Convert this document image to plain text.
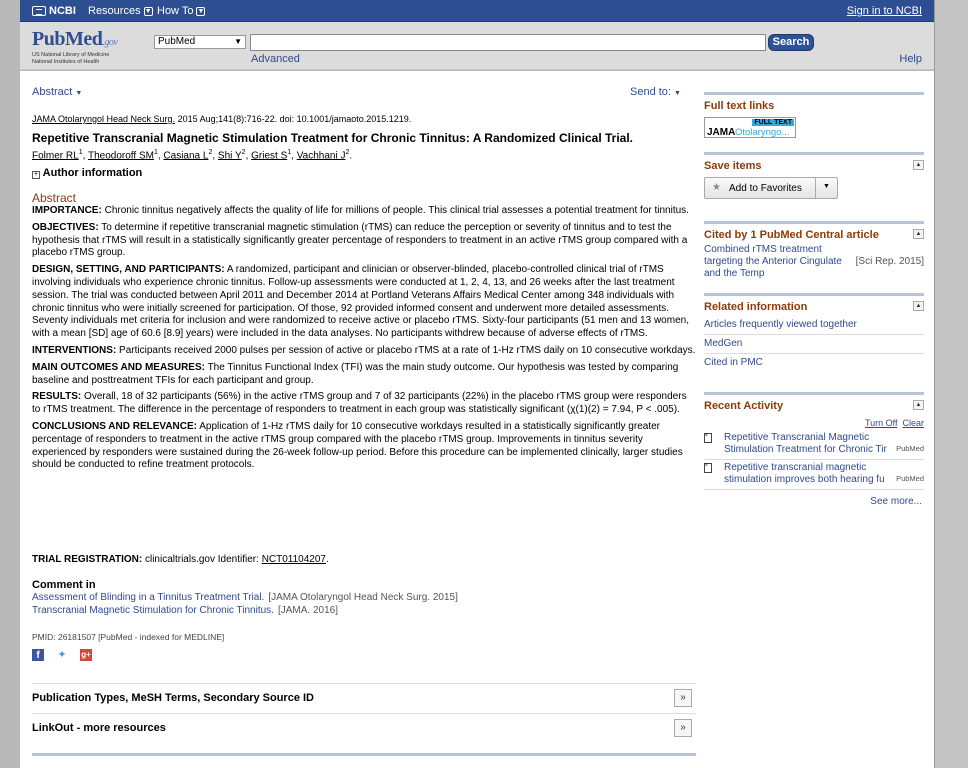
NCBI Resources ▼ How To ▼	Sign in to NCBI
PubMed.gov
US National Library of Medicine
National Institutes of Health
PubMed	▼	Search
Advanced	Help
Abstract ▼	Send to: ▼
JAMA Otolaryngol Head Neck Surg. 2015 Aug;141(8):716-22. doi: 10.1001/jamaoto.2015.1219.
Repetitive Transcranial Magnetic Stimulation Treatment for Chronic Tinnitus: A Randomized Clinical Trial.
Folmer $RL^1$, Theodoroff $SM^1$, Casiana $L^2$, Shi $Y^2$, Griest $S^1$, Vachhani $J^2$.
+ Author information
Abstract
IMPORTANCE: Chronic tinnitus negatively affects the quality of life for millions of people. This clinical trial assesses a potential treatment for tinnitus.
OBJECTIVES: To determine if repetitive transcranial magnetic stimulation (rTMS) can reduce the perception or severity of tinnitus and to test the hypothesis that rTMS will result in a statistically significantly greater percentage of responders to treatment in an active rTMS group compared with a placebo rTMS group.
DESIGN, SETTING, AND PARTICIPANTS: A randomized, participant and clinician or observer-blinded, placebo-controlled clinical trial of rTMS involving individuals who experience chronic tinnitus. Follow-up assessments were conducted at 1, 2, 4, 13, and 26 weeks after the last treatment session. The trial was conducted between April 2011 and December 2014 at Portland Veterans Affairs Medical Center among 348 individuals with chronic tinnitus who were initially screened for participation. Of those, 92 provided informed consent and underwent more detailed assessments. Seventy individuals met criteria for inclusion and were randomized to receive active or placebo rTMS. Sixty-four participants (51 men and 13 women, with a mean [SD] age of 60.6 [8.9] years) were included in the data analyses. No participants withdrew because of adverse effects of rTMS.
INTERVENTIONS: Participants received 2000 pulses per session of active or placebo rTMS at a rate of 1-Hz rTMS daily on 10 consecutive workdays.
MAIN OUTCOMES AND MEASURES: The Tinnitus Functional Index (TFI) was the main study outcome. Our hypothesis was tested by comparing baseline and posttreatment TFIs for each participant and group.
RESULTS: Overall, 18 of 32 participants (56%) in the active rTMS group and 7 of 32 participants (22%) in the placebo rTMS group were responders to rTMS treatment. The difference in the percentage of responders to treatment in each group was statistically significant (χ(1)(2) = 7.94, P < .005).
CONCLUSIONS AND RELEVANCE: Application of 1-Hz rTMS daily for 10 consecutive workdays resulted in a statistically significantly greater percentage of responders to treatment in the active rTMS group compared with the placebo rTMS group. Improvements in tinnitus severity experienced by responders were sustained during the 26-week follow-up period. Before this procedure can be implemented clinically, larger studies should be conducted to refine treatment protocols.
TRIAL REGISTRATION: clinicaltrials.gov Identifier: NCT01104207.
Comment in
Assessment of Blinding in a Tinnitus Treatment Trial. [JAMA Otolaryngol Head Neck Surg. 2015]
Transcranial Magnetic Stimulation for Chronic Tinnitus. [JAMA. 2016]
PMID: 26181507 [PubMed - indexed for MEDLINE]
f	✦ g+
Publication Types, MeSH Terms, Secondary Source ID	»
LinkOut - more resources	»
Full text links
FULL TEXT
JAMA Otolaryngo...
Save items	▲
★ Add to Favorites	▼
Cited by 1 PubMed Central article	▲
Combined rTMS treatment targeting the Anterior Cingulate and the Temp
[Sci Rep. 2015]
Related information	▲
Articles frequently viewed together
MedGen
Cited in PMC
Recent Activity	▲
Turn Off Clear
≡	Repetitive Transcranial Magnetic Stimulation Treatment for Chronic Tir	PubMed
≡	Repetitive transcranial magnetic stimulation improves both hearing fu	PubMed
See more...
